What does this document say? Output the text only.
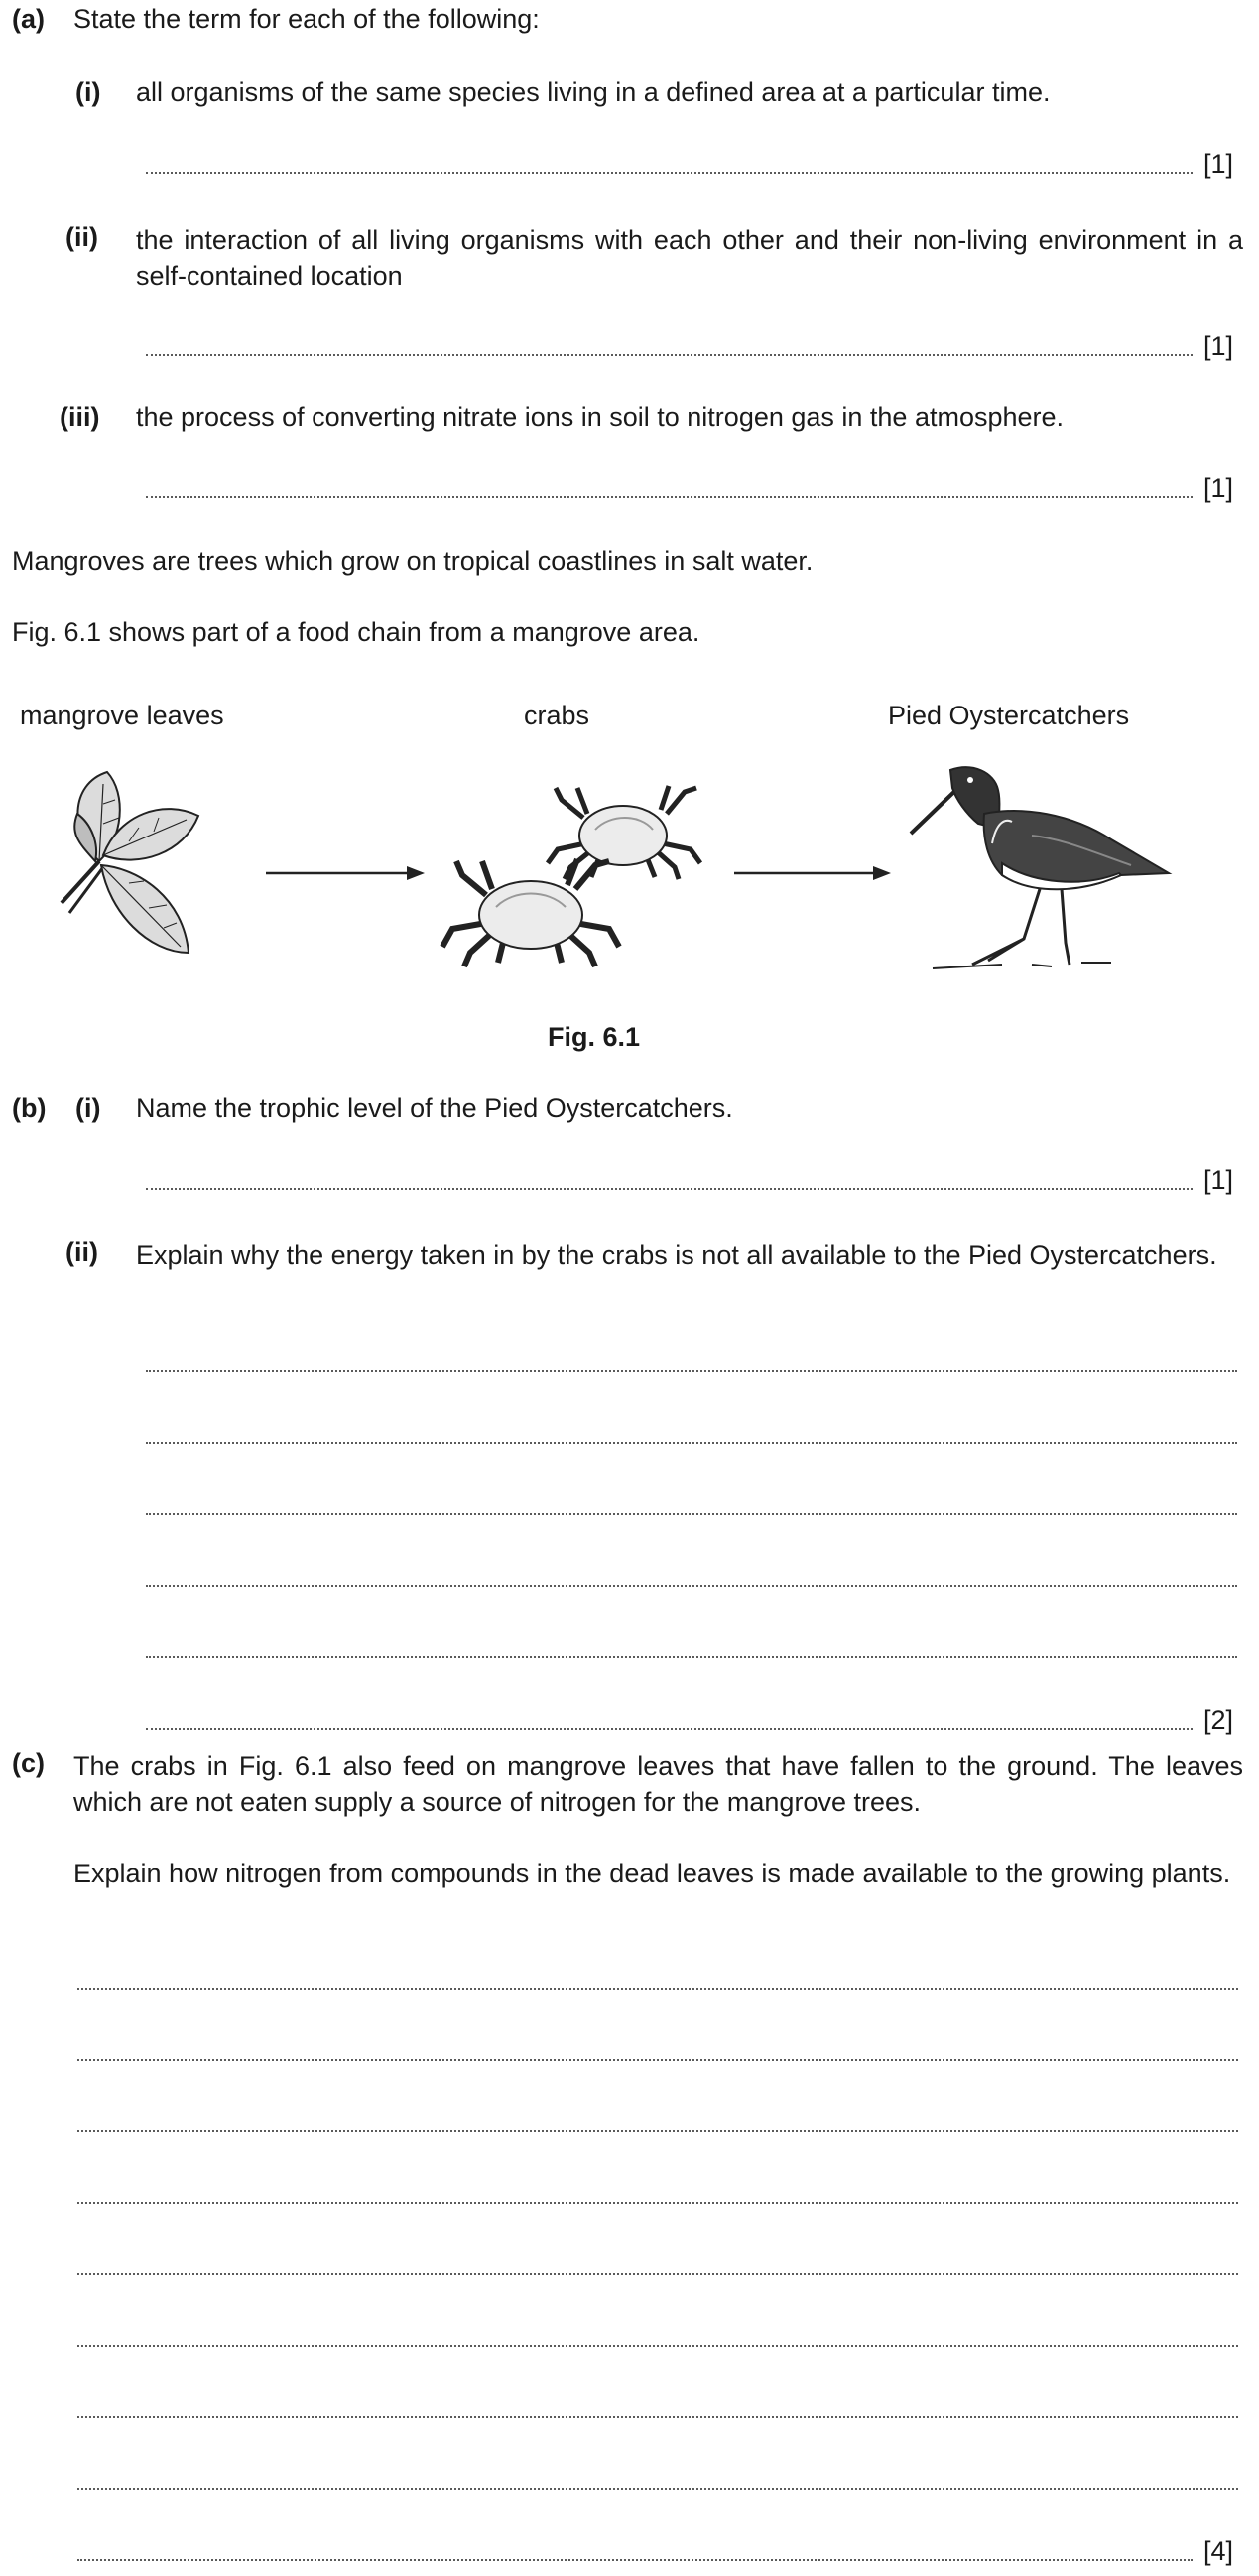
(a) State the term for each of the following:
(i) all organisms of the same species living in a defined area at a particular time.
[1]
(ii) the interaction of all living organisms with each other and their non-living environment in a self-contained location
[1]
(iii) the process of converting nitrate ions in soil to nitrogen gas in the atmosphere.
[1]
Mangroves are trees which grow on tropical coastlines in salt water.
Fig. 6.1 shows part of a food chain from a mangrove area.
mangrove leaves	crabs	Pied Oystercatchers
Fig. 6.1
(b) (i) Name the trophic level of the Pied Oystercatchers.
[1]
(ii) Explain why the energy taken in by the crabs is not all available to the Pied Oystercatchers.
[2]
(c) The crabs in Fig. 6.1 also feed on mangrove leaves that have fallen to the ground. The leaves which are not eaten supply a source of nitrogen for the mangrove trees.
Explain how nitrogen from compounds in the dead leaves is made available to the growing plants.
[4]
